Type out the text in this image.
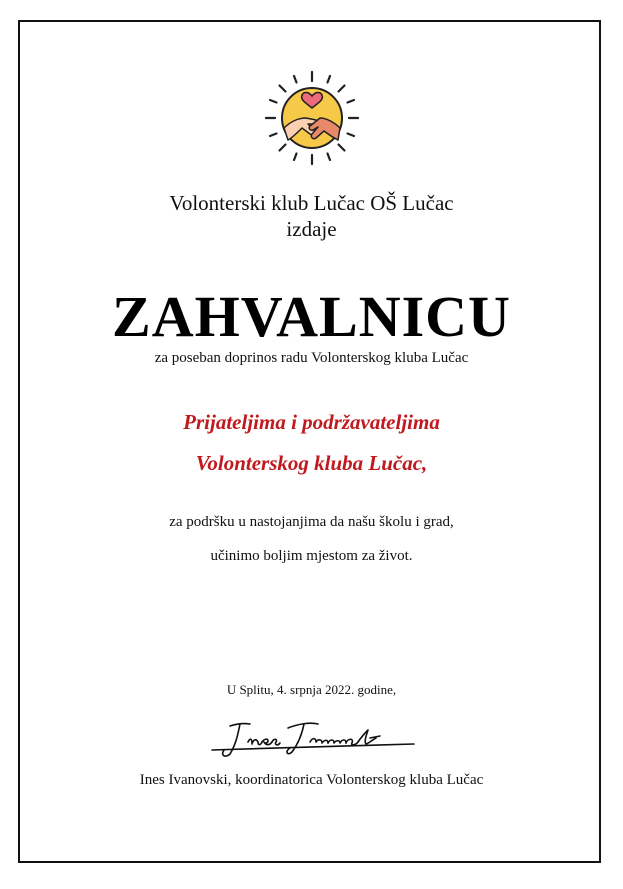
Volonterski klub Lučac OŠ Lučac
izdaje
ZAHVALNICU
za poseban doprinos radu Volonterskog kluba Lučac
Prijateljima i podržavateljima
Volonterskog kluba Lučac,
za podršku u nastojanjima da našu školu i grad,
učinimo boljim mjestom za život.
U Splitu, 4. srpnja 2022. godine,
Ines Ivanovski, koordinatorica Volonterskog kluba Lučac
